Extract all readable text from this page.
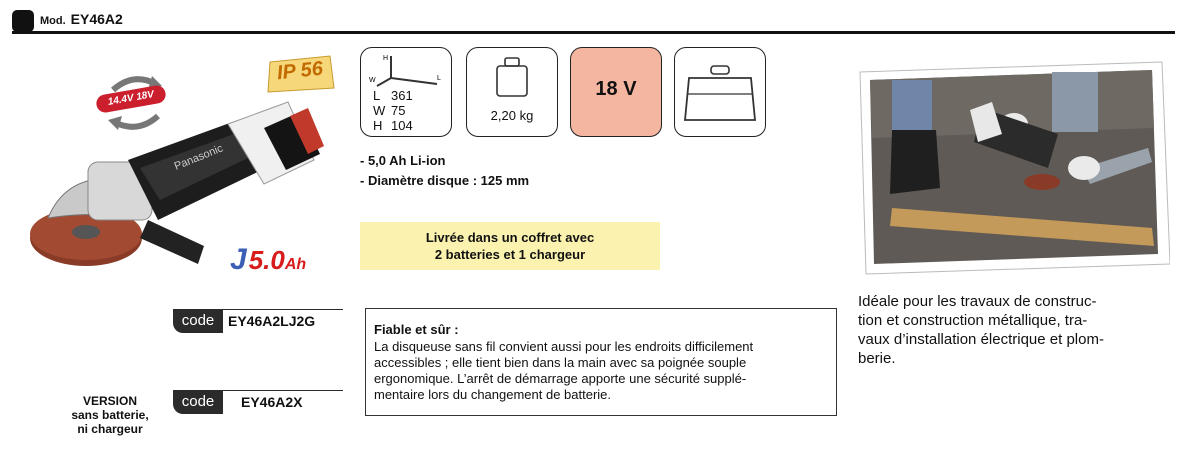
Mod. EY46A2
Panasonic
IP 56
14.4V 18V
J5.0Ah
H
W	L
L 361
W 75
H 104
2,20 kg
18 V
- 5,0 Ah Li-ion
- Diamètre disque : 125 mm
Livrée dans un coffret avec
2 batteries et 1 chargeur
code EY46A2LJ2G
code	EY46A2X
VERSION
sans batterie,
ni chargeur
Fiable et sûr :
La disqueuse sans fil convient aussi pour les endroits difficilement
accessibles ; elle tient bien dans la main avec sa poignée souple
ergonomique. L’arrêt de démarrage apporte une sécurité supplé-
mentaire lors du changement de batterie.
Idéale pour les travaux de construc-
tion et construction métallique, tra-
vaux d’installation électrique et plom-
berie.
